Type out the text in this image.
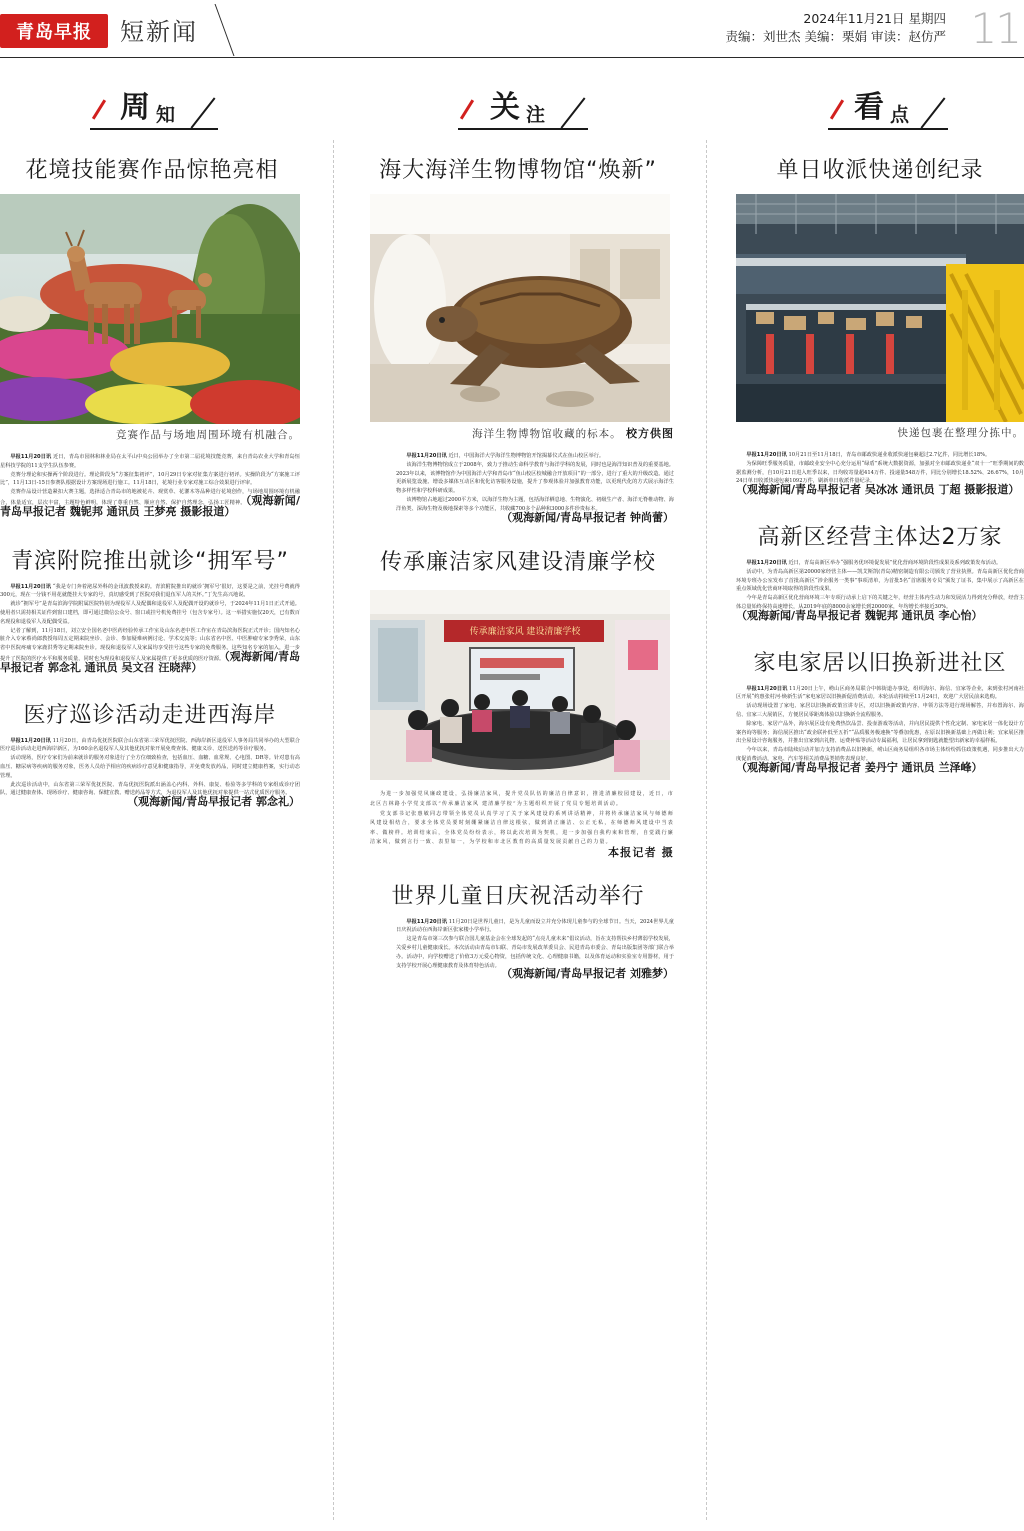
青岛早报	短新闻	2024年11月21日 星期四
责编：刘世杰 美编：栗娟 审读：赵仿严 11
周 知
花境技能赛作品惊艳亮相
竞赛作品与场地周围环境有机融合。

早报11月20日讯 近日，青岛市园林和林业局在太平山中央公园举办了全市第二届花境技能竞赛，来自青岛农业大学和青岛恒星科技学院的11支学生队伍参赛。

竞赛分理论和实操两个阶段进行。理论阶段为“方案征集初评”，10月29日专家对征集方案进行初评。实操阶段为“方案施工评比”，11月13日-15日参赛队根据设计方案现场进行施工。11月18日，花境行业专家对施工综合效果进行评审。

竞赛作品设计营造紧扣大赛主题，选择适合青岛市的地被花卉、观赏草、花灌木等品种进行花境创作，与场地周围环境有机融合，体量适宜，层次丰富，主题特色鲜明，体现了尊重自然、顺应自然、保护自然理念，弘扬工匠精神。（观海新闻/青岛早报记者 魏铌邦 通讯员 王梦亮 摄影报道）

青滨附院推出就诊“拥军号”

早报11月20日讯 “我是专门奔着泌尿外科的金讯波教授来的。青滨附院推出的就诊‘拥军号’很好，这要是之前，光挂号费就得300元，现在一分钱不用花就能挂大专家的号，真切感受到了医院对我们退伍军人的关怀。”丁先生高兴地说。

就诊“拥军号”是青岛滨海学院附属医院特别为现役军人及配偶和退役军人及配偶开设的就诊号，于2024年11月1日正式开通。使用者只需持相关证件到窗口建档，即可通过微信公众号、窗口或挂号机免费挂号（包含专家号）。这一举措实施仅20天，已有数百名现役和退役军人及配偶受益。

记者了解到，11月18日，刘立安全国名老中医药经验传承工作室及山东名老中医工作室在青岛滨海医院正式开诊；国内知名心脏介入专家蔡尚郎教授每周五定期来院坐诊、会诊、参加疑难病例讨论、学术交流等；山东省名中医、中医肿瘤专家李秀荣，山东省中医院疼痛专家鹿洪秀等定期来院坐诊。现役和退役军人及家属均享受挂号这些专家的免费服务。这些知名专家的加入，进一步提升了医院的医疗水平和服务质量，同时也为现役和退役军人及家属提供了更多优质的医疗资源。（观海新闻/青岛早报记者 郭念礼 通讯员 吴文召 汪晓萍）

医疗巡诊活动走进西海岸

早报11月20日讯 11月20日，由青岛优抚医院联合山东省第三荣军优抚医院、西海岸新区退役军人事务局共同举办的大型联合医疗巡诊活动走进西海岸新区，为160余名退役军人及其他优抚对象开展免费查体、健康义诊、送医送药等诊疗服务。

活动现场，医疗专家们为前来就诊的服务对象进行了全方位细致检查，包括血压、血糖、血常规、心电图、DR等。针对患有高血压、糖尿病等疾病的服务对象，医务人员给予相应的疾病诊疗意见和健康指导，并免费发放药品，同时建立健康档案，实行动态管理。

此次巡诊活动中，山东省第三荣军优抚医院、青岛优抚医院派出涵盖心内科、外科、康复、检验等多学科的专家组成诊疗团队，通过健康查体、现场诊疗、健康咨询、保健宣教、赠送药品等方式，为退役军人及其他优抚对象提供一站式优质医疗服务。

（观海新闻/青岛早报记者 郭念礼）
关 注
海大海洋生物博物馆“焕新”
海洋生物博物馆收藏的标本。 校方供图

早报11月20日讯 近日，中国海洋大学海洋生物博物馆开馆揭幕仪式在鱼山校区举行。

该海洋生物博物馆成立于2008年，致力于推动生命科学教育与海洋学科的发展，同时也是海洋知识普及的重要基地。2023年以来，该博物馆作为中国海洋大学和青岛市“鱼山校区校城融合开放项目”的一部分，进行了重大的升级改造。通过更新展览设施、增设多媒体互动区和优化访客服务设施，提升了参观体验并加强教育功能，以更现代化的方式展示海洋生物多样性和学校科研成果。

该博物馆占地超过2000平方米，以海洋生物为主题，包括海洋栖息地、生物演化、初级生产者、海洋无脊椎动物、海洋鱼类、深海生物及极地探索等多个功能区，共收藏700多个品种和3000多件珍贵标本。

（观海新闻/青岛早报记者 钟尚蕾）
传承廉洁家风建设清廉学校
传承廉洁家风 建设清廉学校

为进一步加强党风廉政建设，弘扬廉洁家风，提升党员队伍的廉洁自律意识，推进清廉校园建设，近日，市北区吉林路小学党支部以“传承廉洁家风 建清廉学校”为主题组织开展了党员专题培训活动。

党支部书记张惠敏同志带领全体党员认真学习了关于家风建设的系列讲话精神，并将传承廉洁家风与师德师风建设相结合，要求全体党员要时刻绷紧廉洁自律这根弦，做到清正廉洁、公正无私，在师德师风建设中当表率、做榜样。培训结束后，全体党员纷纷表示，将以此次培训为契机，进一步加强自我约束和管理，自觉践行廉洁家风，做到言行一致、表里如一，为学校和市北区教育的高质量发展贡献自己的力量。

本报记者 摄
世界儿童日庆祝活动举行

早报11月20日讯 11月20日是世界儿童日，是为儿童而设立并充分体现儿童参与的全球节日。当天，2024世界儿童日庆祝活动在西海岸新区张家楼小学举行。

这是青岛市第三次参与联合国儿童基金会在全球发起的“点亮儿童未来”倡议活动，旨在支持帮扶乡村薄弱学校发展，关爱乡村儿童健康成长。本次活动由青岛市妇联、青岛市发展改革委员会、民进青岛市委会、青岛出版集团等部门联合举办。活动中，向学校赠送了价值3万元爱心物资，包括传统文化、心理健康书籍，以及体育运动和实验室专用器材，用于支持学校开展心理健康教育及体育特色活动。

（观海新闻/青岛早报记者 刘雅梦）
看 点
单日收派快递创纪录
快递包裹在整理分拣中。

早报11月20日讯 10月21日至11月18日，青岛市邮政快递业收派快递包裹超过2.7亿件，同比增长18%。

为保障旺季服务质量，市邮政业安全中心充分运用“绿盾”系统大数据资源，加强对全市邮政快递业“双十一”旺季期间的数据监测分析，自10月21日进入旺季以来，日均收寄量超414万件、投递量548万件，同比分别增长18.52%、26.67%，10月24日单日收派快递包裹1092万件，刷新单日收派件量纪录。

（观海新闻/青岛早报记者 吴冰冰 通讯员 丁超 摄影报道）
高新区经营主体达2万家

早报11月20日讯 近日，青岛高新区举办“强服务优环境促发展”优化营商环境阶段性成果及系列政策发布活动。

活动中，为青岛高新区第20000家经营主体——凯艾斯凯(青岛)精密制造有限公司颁发了营业执照。青岛高新区优化营商环境专班办公室发布了首批高新区“涉企服务一类事”事项清单，为首批5名“首席服务专员”颁发了证书，集中展示了高新区在重点领域优化营商环境取得的阶段性成果。

今年是青岛高新区优化营商环境三年专项行动承上启下的关键之年，经营主体内生动力和发展活力得到充分释放，经营主体总量始终保持高速增长，从2019年底的8000余家增长到20000家，年均增长率接近30%。

（观海新闻/青岛早报记者 魏铌邦 通讯员 李心怡）
家电家居以旧换新进社区

早报11月20日讯 11月20日上午，崂山区商务局联合中韩街道办事处，组织海尔、海信、宜家等企业，来到张村河南社区开展“约惠张村河·焕新生活”家电家居以旧换新促消费活动。本轮活动持续至11月24日，欢迎广大居民前来选购。

活动现场设置了家电、家居以旧换新政策宣讲专区，对以旧换新政策内容、申领方法等进行现场解答，并布置海尔、海信、宜家三大展销区，方便居民零距离体验以旧换新全流程服务。

除家电、家居产品外，海尔展区设有免费热饮品尝、投壶游戏等活动，并向居民提供个性化定制、家电家居一体化设计方案咨询等服务；海信展区推出“政企联补低至五折”“品质服务极速换”等叠加优惠，在原以旧换新基础上再做让利；宜家展区推出全屋设计咨询服务，并推出宜家到店礼物、运费补贴等活动专属福利，让居民拿到钥匙就能望出新家的幸福样板。

今年以来，青岛市陆续启动并加力支持消费品以旧换新，崂山区商务局组织各市场主体纷纷抓住政策机遇，同步推出大力度促消费活动，家电、汽车等相关消费品类销售表现良好。

（观海新闻/青岛早报记者 姜丹宁 通讯员 兰泽峰）
